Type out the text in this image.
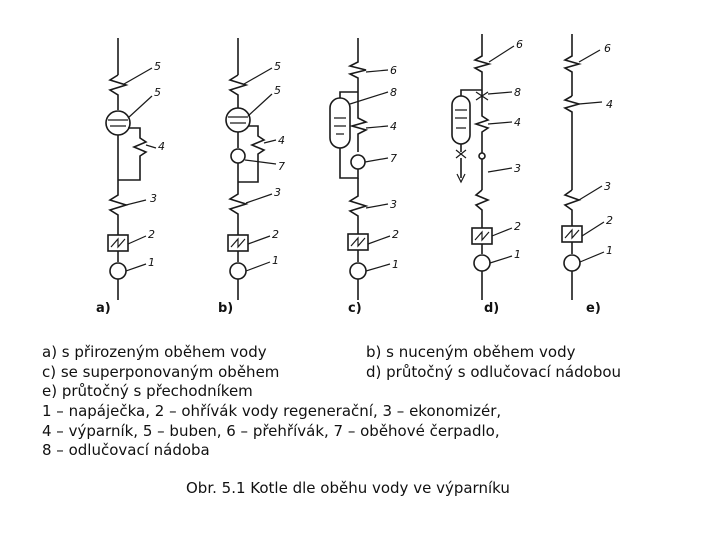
5
5
4
3
2
1
a)
5
5
4
7
3
2
1
b)
6
8
4
7
3
2
1
c)
6
8
4
3
2
1
d)
6
4
3
2
1
e)
a) s přirozeným oběhem vody	b) s nuceným oběhem vody
c) se superponovaným oběhem	d) průtočný s odlučovací nádobou
e) průtočný s přechodníkem
1 – napáječka, 2 – ohřívák vody regenerační, 3 – ekonomizér,
4 – výparník, 5 – buben, 6 – přehřívák, 7 – oběhové čerpadlo,
8 – odlučovací nádoba
Obr. 5.1 Kotle dle oběhu vody ve výparníku
